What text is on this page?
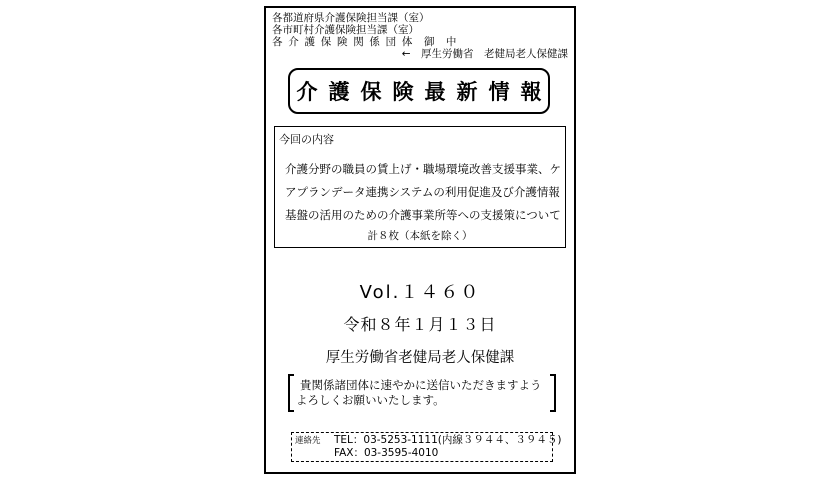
各都道府県介護保険担当課（室）
各市町村介護保険担当課（室）
各 介 護 保 険 関 係 団 体 御 中
←　厚生労働省　老健局老人保健課
介護保険最新情報
今回の内容
介護分野の職員の賃上げ・職場環境改善支援事業、ケ
アプランデータ連携システムの利用促進及び介護情報
基盤の活用のための介護事業所等への支援策について
計８枚（本紙を除く）
Vol.１４６０
令和８年１月１３日
厚生労働省老健局老人保健課
貴関係諸団体に速やかに送信いただきますよう
よろしくお願いいたします。
連絡先 TEL：03-5253-1111(内線３９４４、３９４５)
FAX：03-3595-4010
